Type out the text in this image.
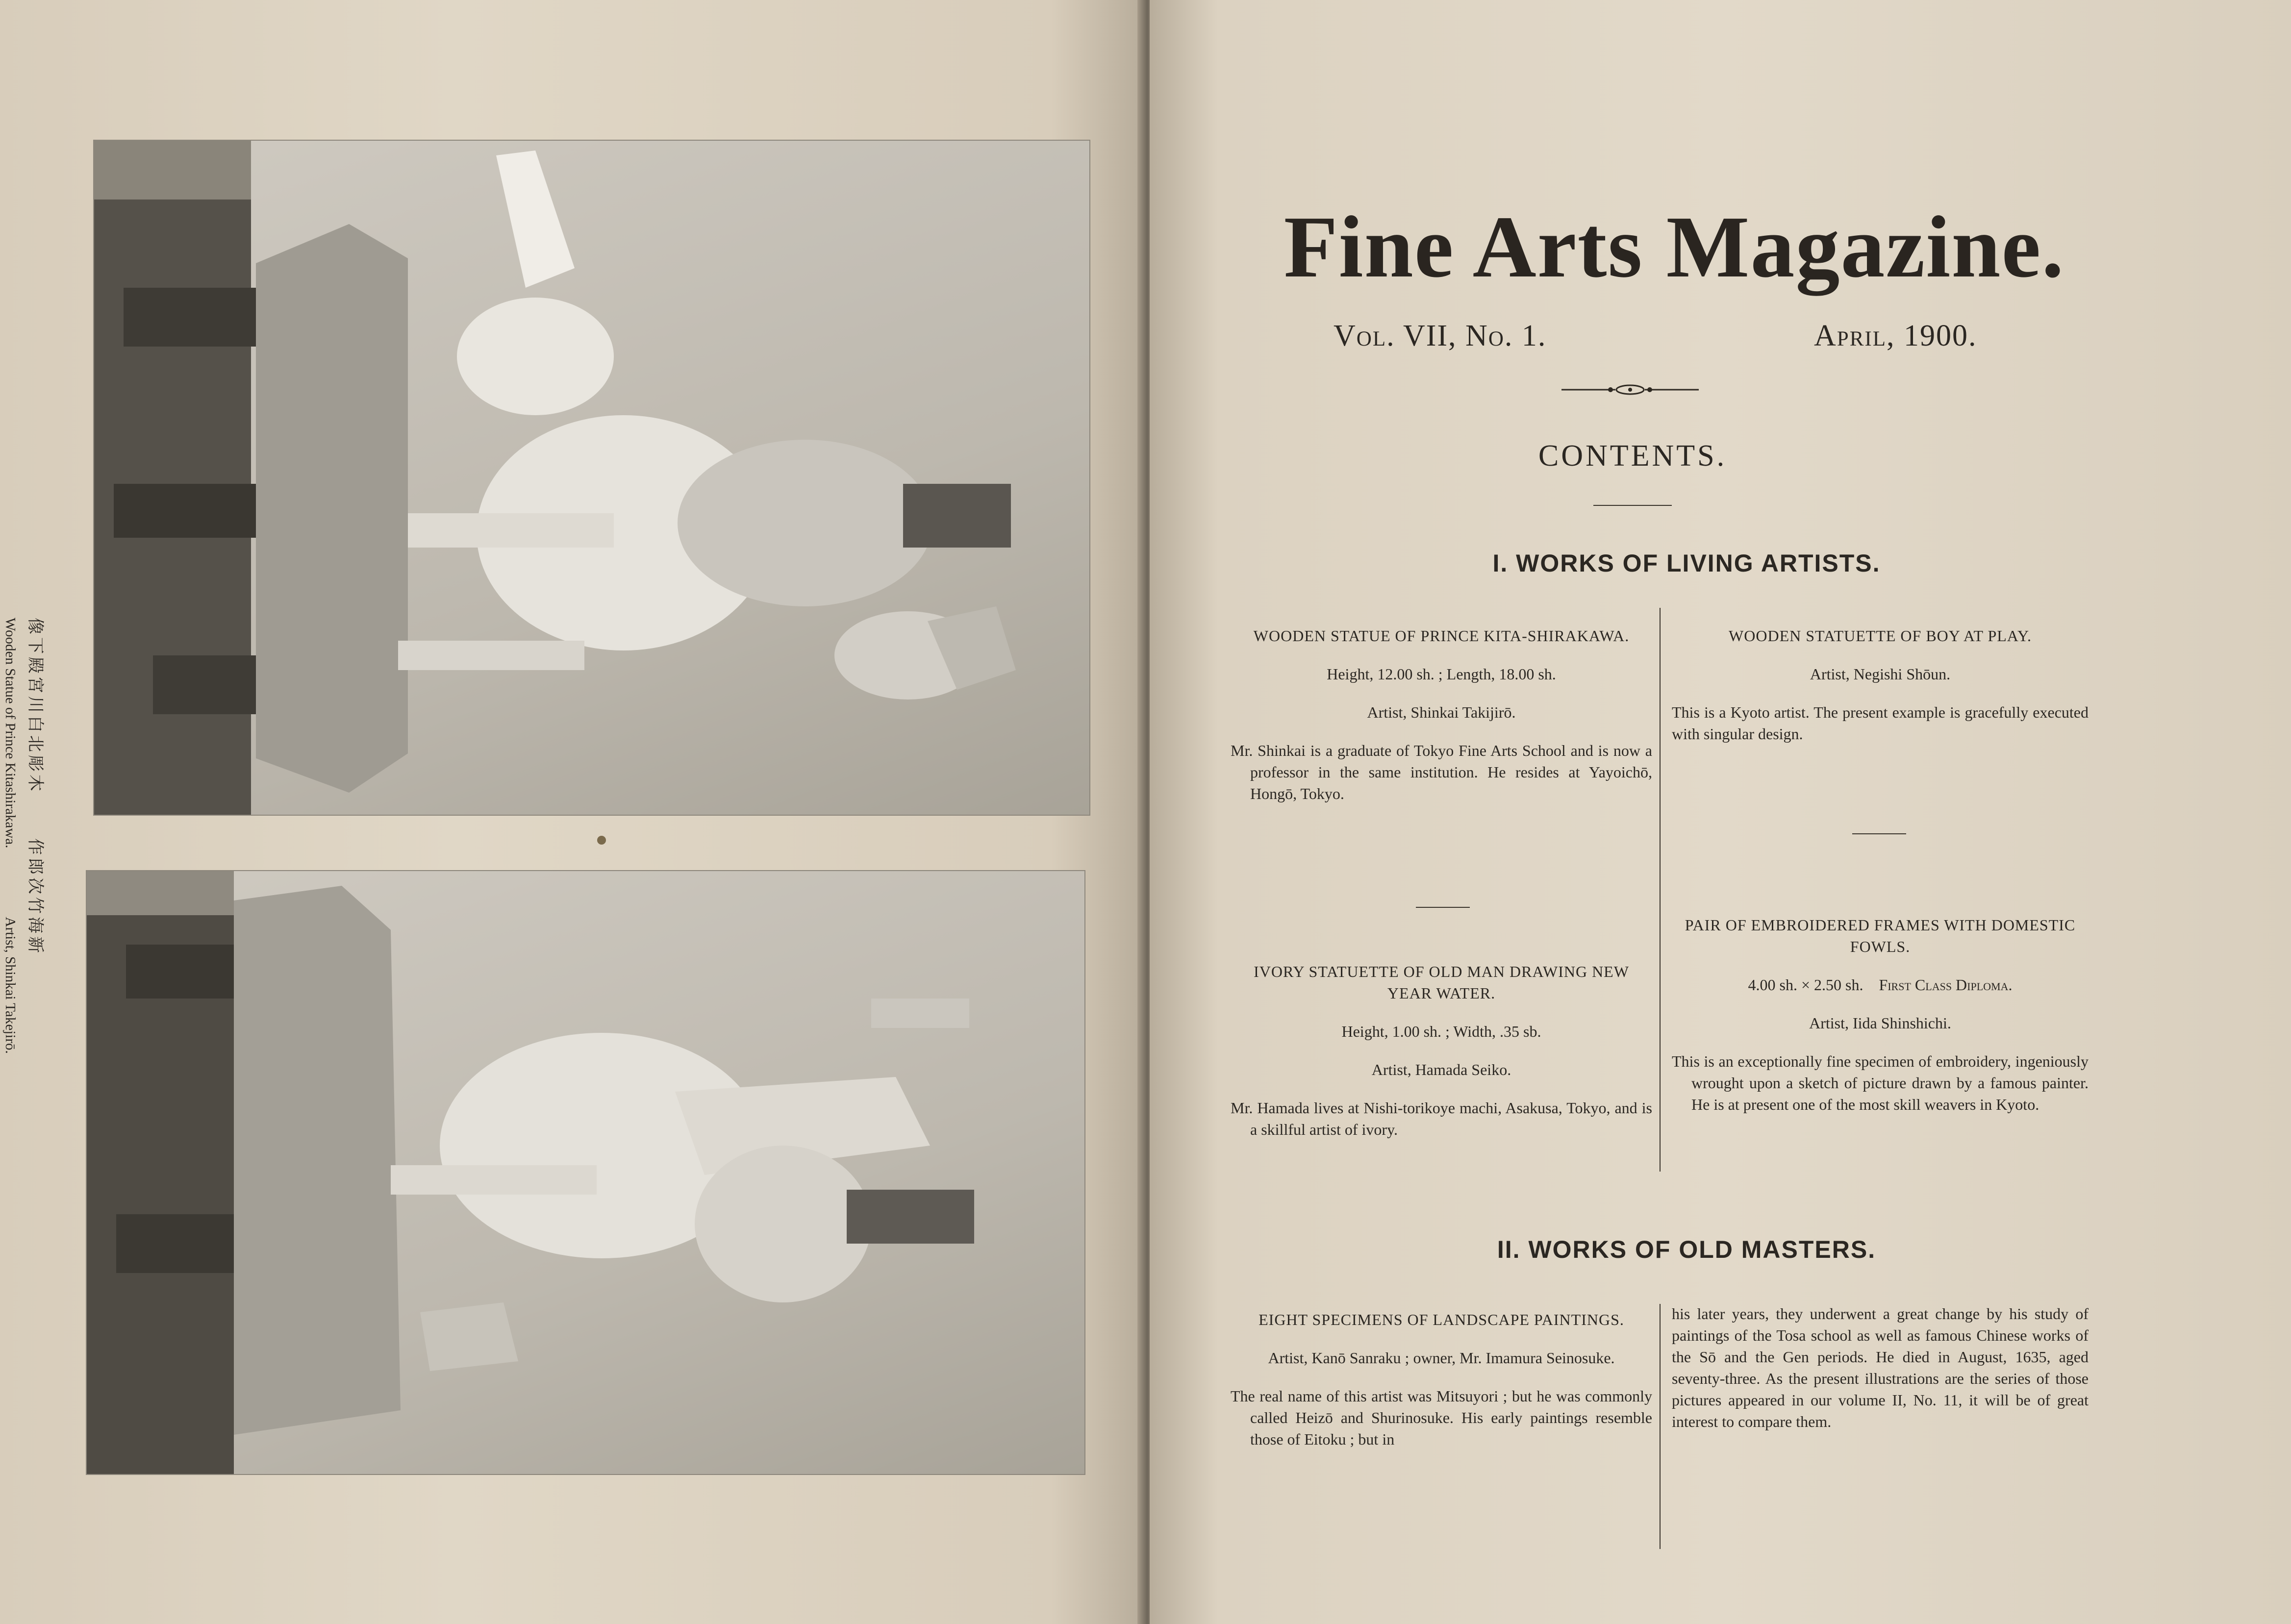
像下殿宮川白北彫木作郎次竹海新
Wooden Statue of Prince Kitashirakawa.Artist, Shinkai Takejirō.
Fine Arts Magazine.
Vol. VII, No. 1.	April, 1900.
CONTENTS.
I. WORKS OF LIVING ARTISTS.
WOODEN STATUE OF PRINCE KITA-SHIRAKAWA.
Height, 12.00 sh. ; Length, 18.00 sh.
Artist, Shinkai Takijirō.
Mr. Shinkai is a graduate of Tokyo Fine Arts School and is now a professor in the same institution. He resides at Yayoichō, Hongō, Tokyo.
IVORY STATUETTE OF OLD MAN DRAWING NEW YEAR WATER.
Height, 1.00 sh. ; Width, .35 sb.
Artist, Hamada Seiko.
Mr. Hamada lives at Nishi-torikoye machi, Asakusa, Tokyo, and is a skillful artist of ivory.
WOODEN STATUETTE OF BOY AT PLAY.
Artist, Negishi Shōun.
This is a Kyoto artist. The present example is gracefully executed with singular design.
PAIR OF EMBROIDERED FRAMES WITH DOMESTIC FOWLS.
4.00 sh. × 2.50 sh. First Class Diploma.
Artist, Iida Shinshichi.
This is an exceptionally fine specimen of embroidery, ingeniously wrought upon a sketch of picture drawn by a famous painter. He is at present one of the most skill weavers in Kyoto.
II. WORKS OF OLD MASTERS.
EIGHT SPECIMENS OF LANDSCAPE PAINTINGS.
Artist, Kanō Sanraku ; owner, Mr. Imamura Seinosuke.
The real name of this artist was Mitsuyori ; but he was commonly called Heizō and Shurinosuke. His early paintings resemble those of Eitoku ; but in
his later years, they underwent a great change by his study of paintings of the Tosa school as well as famous Chinese works of the Sō and the Gen periods. He died in August, 1635, aged seventy-three. As the present illustrations are the series of those pictures appeared in our volume II, No. 11, it will be of great interest to compare them.
